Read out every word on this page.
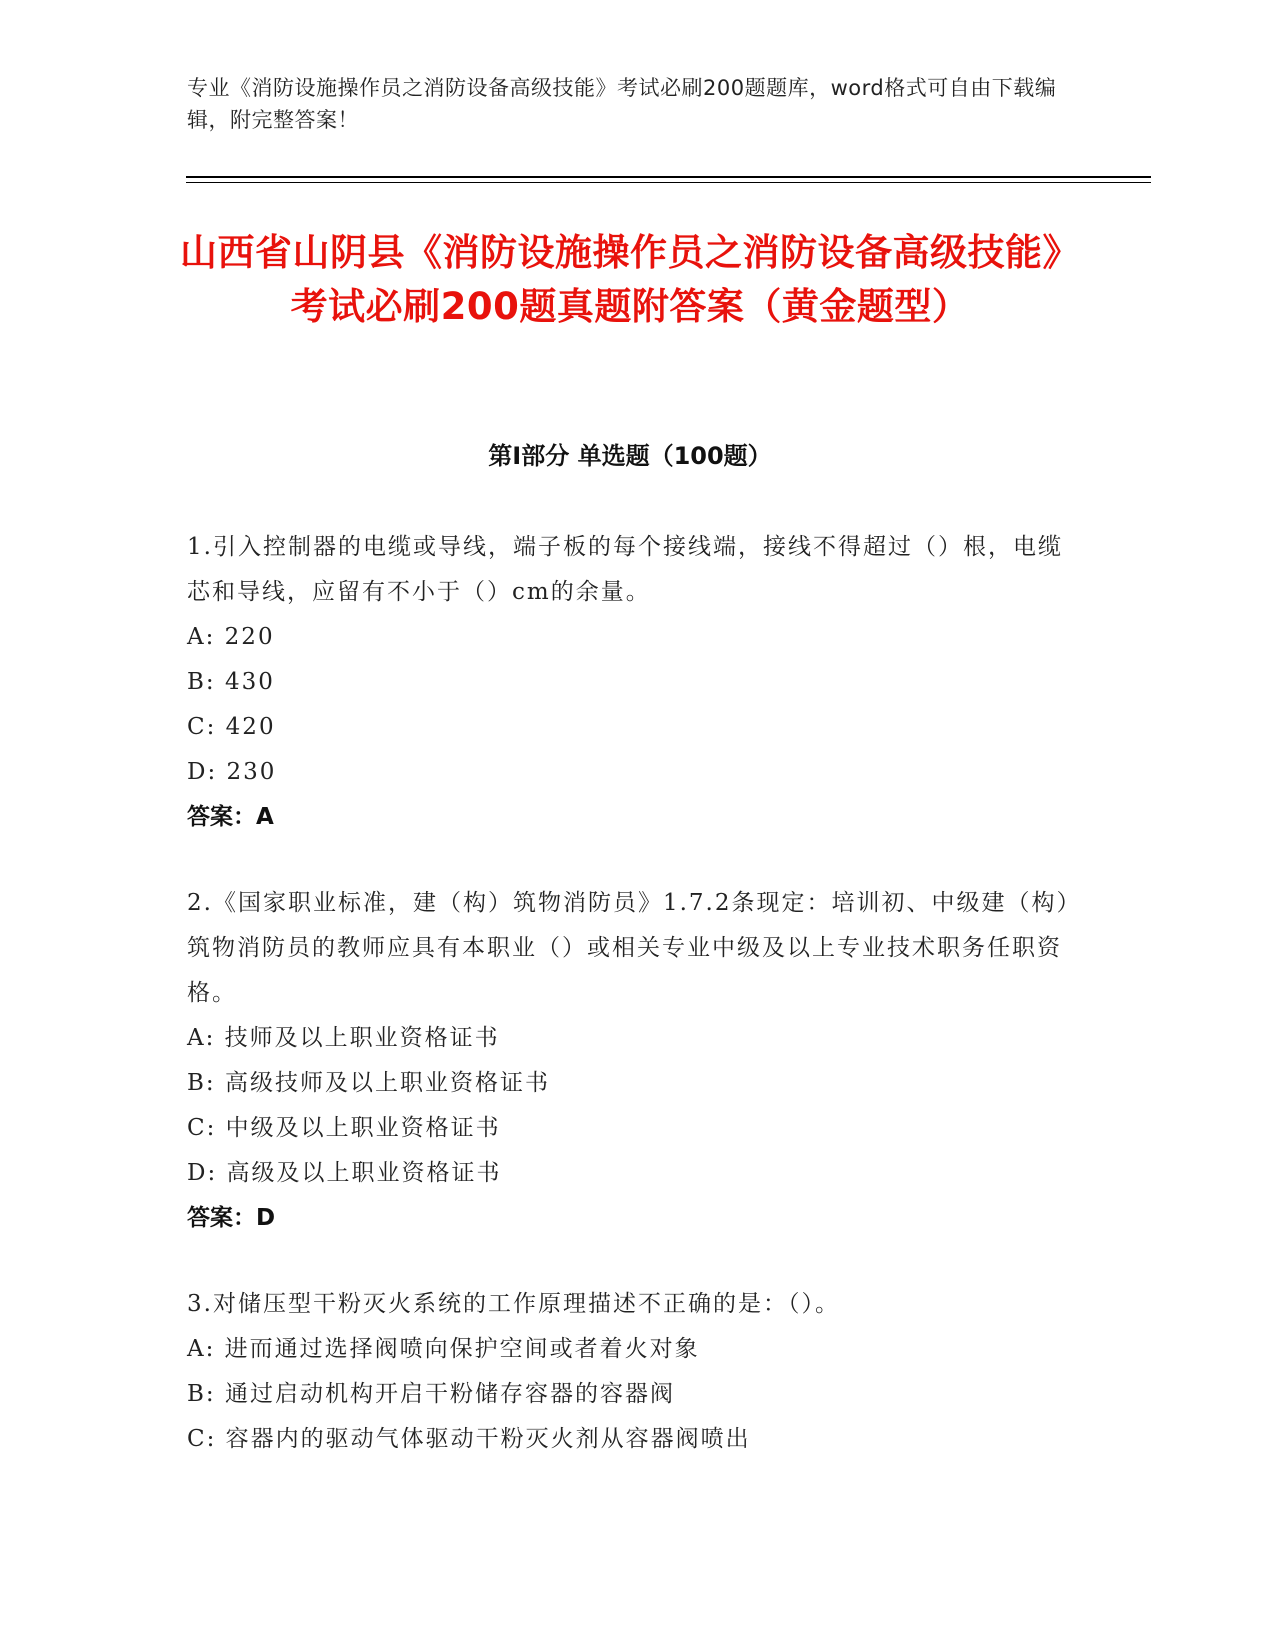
专业《消防设施操作员之消防设备高级技能》考试必刷200题题库，word格式可自由下载编辑，附完整答案！
山西省山阴县《消防设施操作员之消防设备高级技能》考试必刷200题真题附答案（黄金题型）
第I部分 单选题（100题）
1.引入控制器的电缆或导线，端子板的每个接线端，接线不得超过（）根，电缆芯和导线，应留有不小于（）cm的余量。
A: 220
B: 430
C: 420
D: 230
答案：A
2.《国家职业标准，建（构）筑物消防员》1.7.2条现定：培训初、中级建（构）筑物消防员的教师应具有本职业（）或相关专业中级及以上专业技术职务任职资格。
A: 技师及以上职业资格证书
B: 高级技师及以上职业资格证书
C: 中级及以上职业资格证书
D: 高级及以上职业资格证书
答案：D
3.对储压型干粉灭火系统的工作原理描述不正确的是：（）。
A: 进而通过选择阀喷向保护空间或者着火对象
B: 通过启动机构开启干粉储存容器的容器阀
C: 容器内的驱动气体驱动干粉灭火剂从容器阀喷出
